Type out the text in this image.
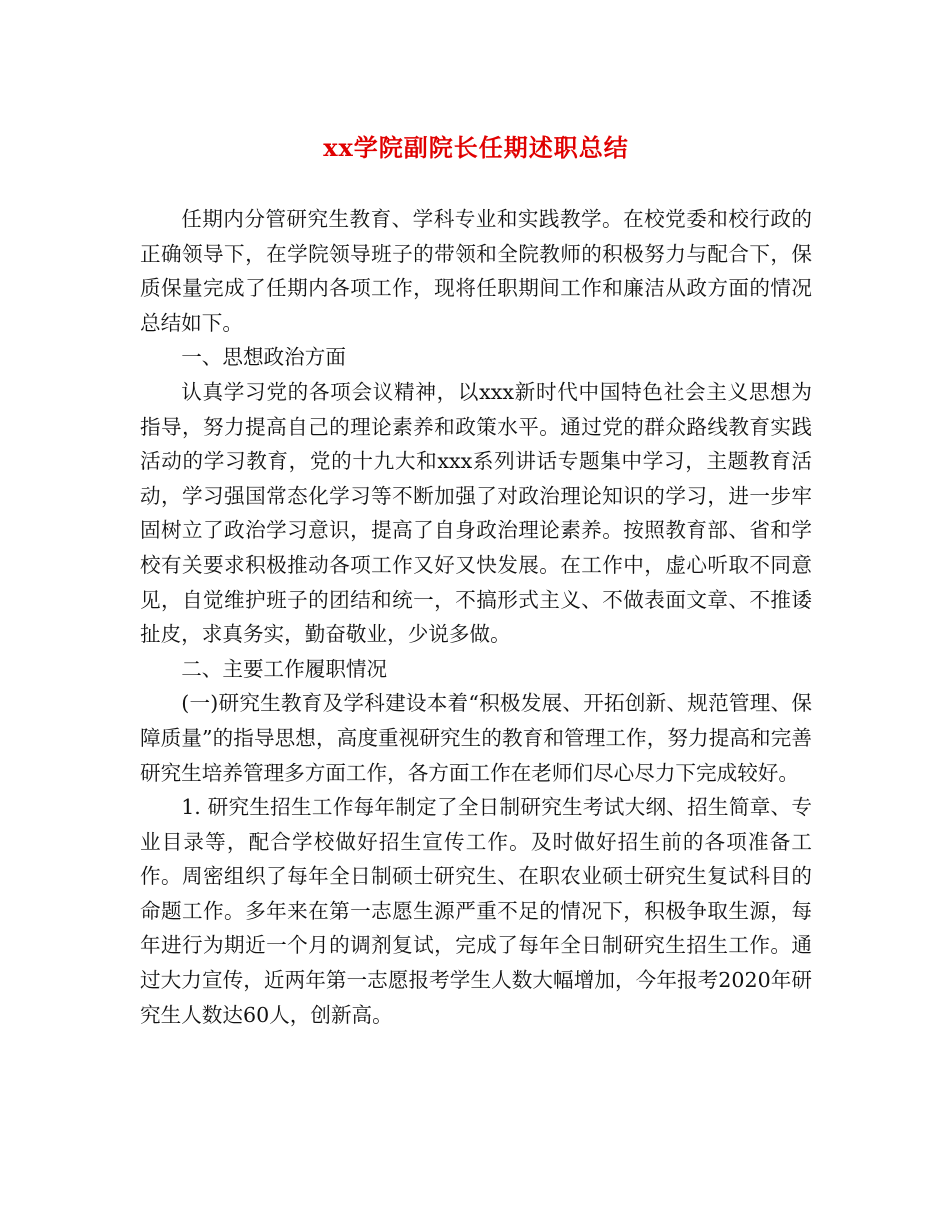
xx学院副院长任期述职总结

任期内分管研究生教育、学科专业和实践教学。在校党委和校行政的正确领导下，在学院领导班子的带领和全院教师的积极努力与配合下，保质保量完成了任期内各项工作，现将任职期间工作和廉洁从政方面的情况总结如下。

一、思想政治方面

认真学习党的各项会议精神，以xxx新时代中国特色社会主义思想为指导，努力提高自己的理论素养和政策水平。通过党的群众路线教育实践活动的学习教育，党的十九大和xxx系列讲话专题集中学习，主题教育活动，学习强国常态化学习等不断加强了对政治理论知识的学习，进一步牢固树立了政治学习意识，提高了自身政治理论素养。按照教育部、省和学校有关要求积极推动各项工作又好又快发展。在工作中，虚心听取不同意见，自觉维护班子的团结和统一，不搞形式主义、不做表面文章、不推诿扯皮，求真务实，勤奋敬业，少说多做。

二、主要工作履职情况

(一)研究生教育及学科建设本着“积极发展、开拓创新、规范管理、保障质量”的指导思想，高度重视研究生的教育和管理工作，努力提高和完善研究生培养管理多方面工作，各方面工作在老师们尽心尽力下完成较好。

1. 研究生招生工作每年制定了全日制研究生考试大纲、招生简章、专业目录等，配合学校做好招生宣传工作。及时做好招生前的各项准备工作。周密组织了每年全日制硕士研究生、在职农业硕士研究生复试科目的命题工作。多年来在第一志愿生源严重不足的情况下，积极争取生源，每年进行为期近一个月的调剂复试，完成了每年全日制研究生招生工作。通过大力宣传，近两年第一志愿报考学生人数大幅增加，今年报考2020年研究生人数达60人，创新高。
